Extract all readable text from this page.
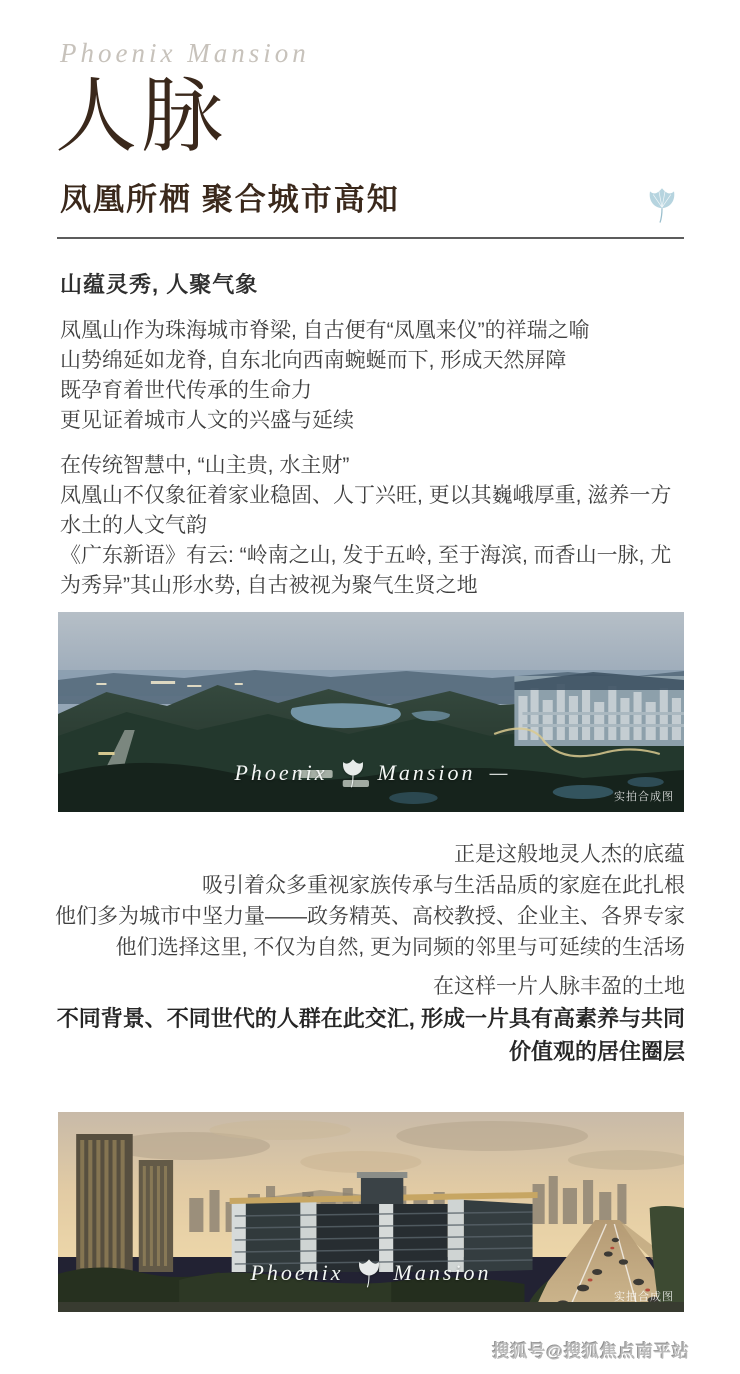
Phoenix Mansion
人脉
凤凰所栖 聚合城市高知
山蕴灵秀, 人聚气象
凤凰山作为珠海城市脊梁, 自古便有“凤凰来仪”的祥瑞之喻
山势绵延如龙脊, 自东北向西南蜿蜒而下, 形成天然屏障
既孕育着世代传承的生命力
更见证着城市人文的兴盛与延续
在传统智慧中, “山主贵, 水主财”
凤凰山不仅象征着家业稳固、人丁兴旺, 更以其巍峨厚重, 滋养一方水土的人文气韵
《广东新语》有云: “岭南之山, 发于五岭, 至于海滨, 而香山一脉, 尤为秀异”其山形水势, 自古被视为聚气生贤之地
Phoenix Mansion —
实拍合成图
正是这般地灵人杰的底蕴
吸引着众多重视家族传承与生活品质的家庭在此扎根
他们多为城市中坚力量——政务精英、高校教授、企业主、各界专家
他们选择这里, 不仅为自然, 更为同频的邻里与可延续的生活场
在这样一片人脉丰盈的土地
不同背景、不同世代的人群在此交汇, 形成一片具有高素养与共同
价值观的居住圈层
Phoenix Mansion
实拍合成图
搜狐号@搜狐焦点南平站
